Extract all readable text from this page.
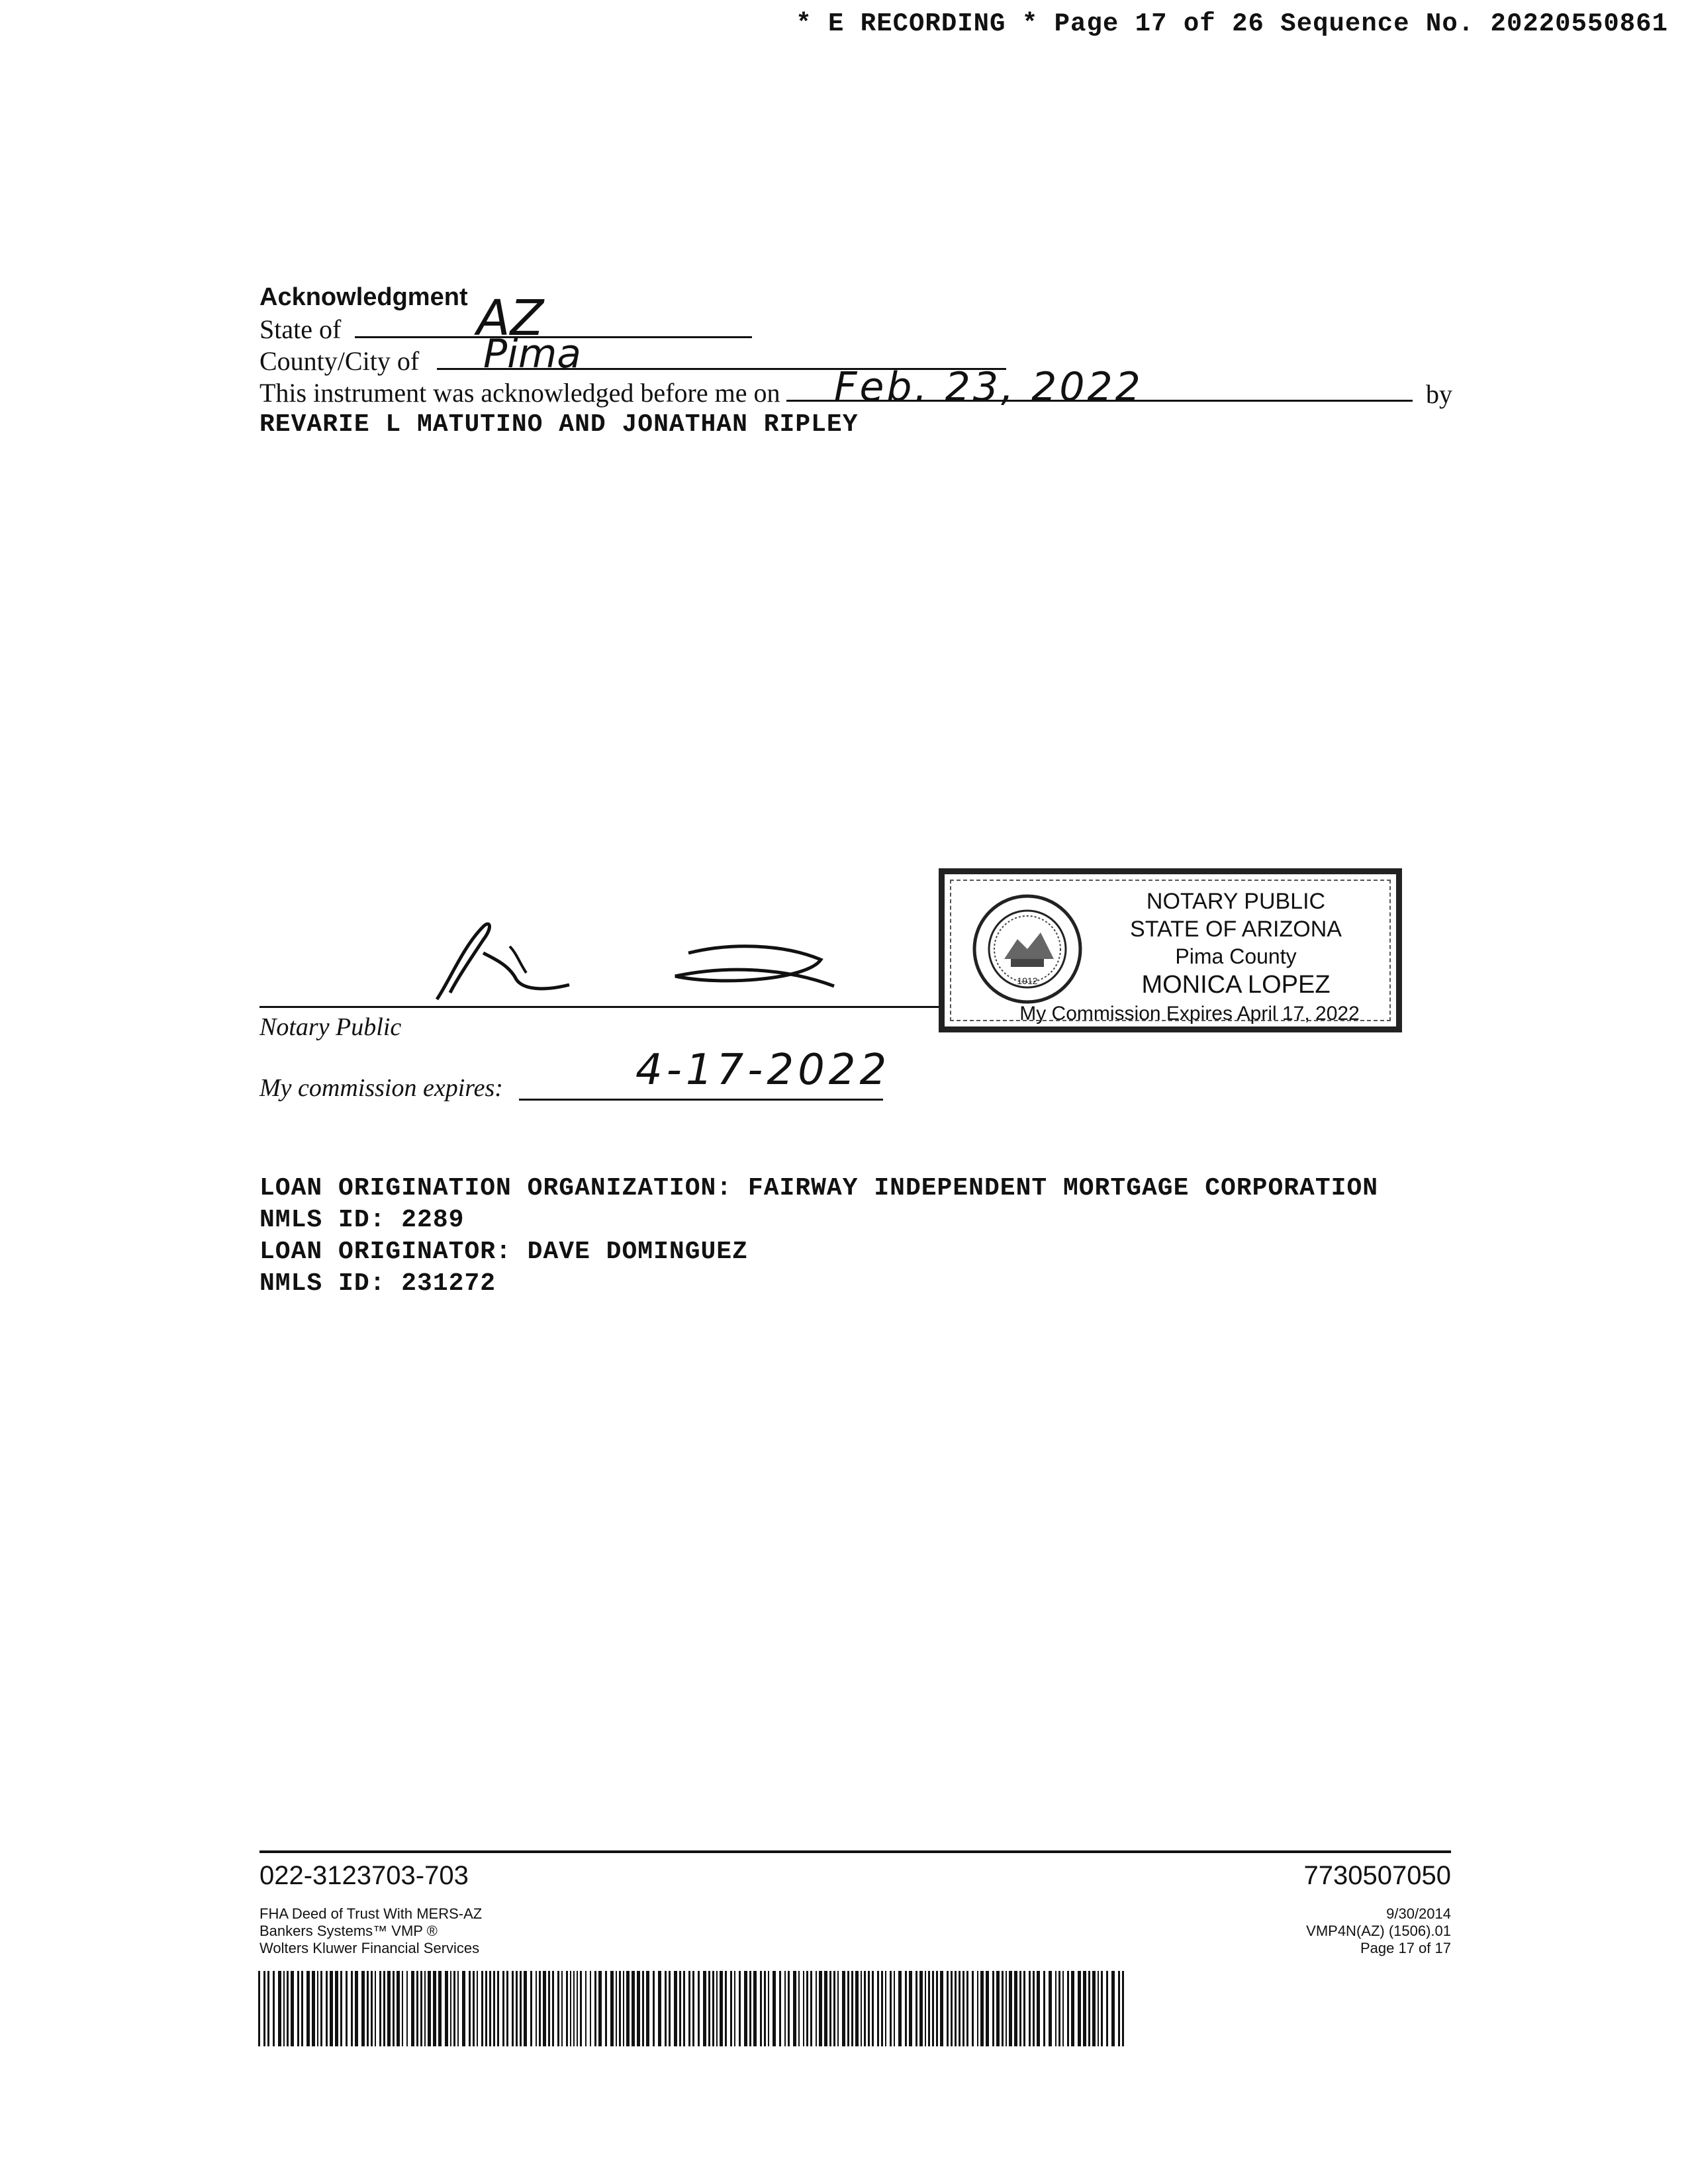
* E RECORDING * Page 17 of 26 Sequence No. 20220550861
Acknowledgment
State of	AZ
County/City of Pima
This instrument was acknowledged before me on Feb. 23, 2022	by
REVARIE L MATUTINO AND JONATHAN RIPLEY
Notary Public
My commission expires:	4-17-2022
1912
NOTARY PUBLIC
STATE OF ARIZONA
Pima County
MONICA LOPEZ
My Commission Expires April 17, 2022
LOAN ORIGINATION ORGANIZATION: FAIRWAY INDEPENDENT MORTGAGE CORPORATION
NMLS ID: 2289
LOAN ORIGINATOR: DAVE DOMINGUEZ
NMLS ID: 231272
022-3123703-703	7730507050
FHA Deed of Trust With MERS-AZ
Bankers Systems™ VMP ®
Wolters Kluwer Financial Services
9/30/2014
VMP4N(AZ) (1506).01
Page 17 of 17
